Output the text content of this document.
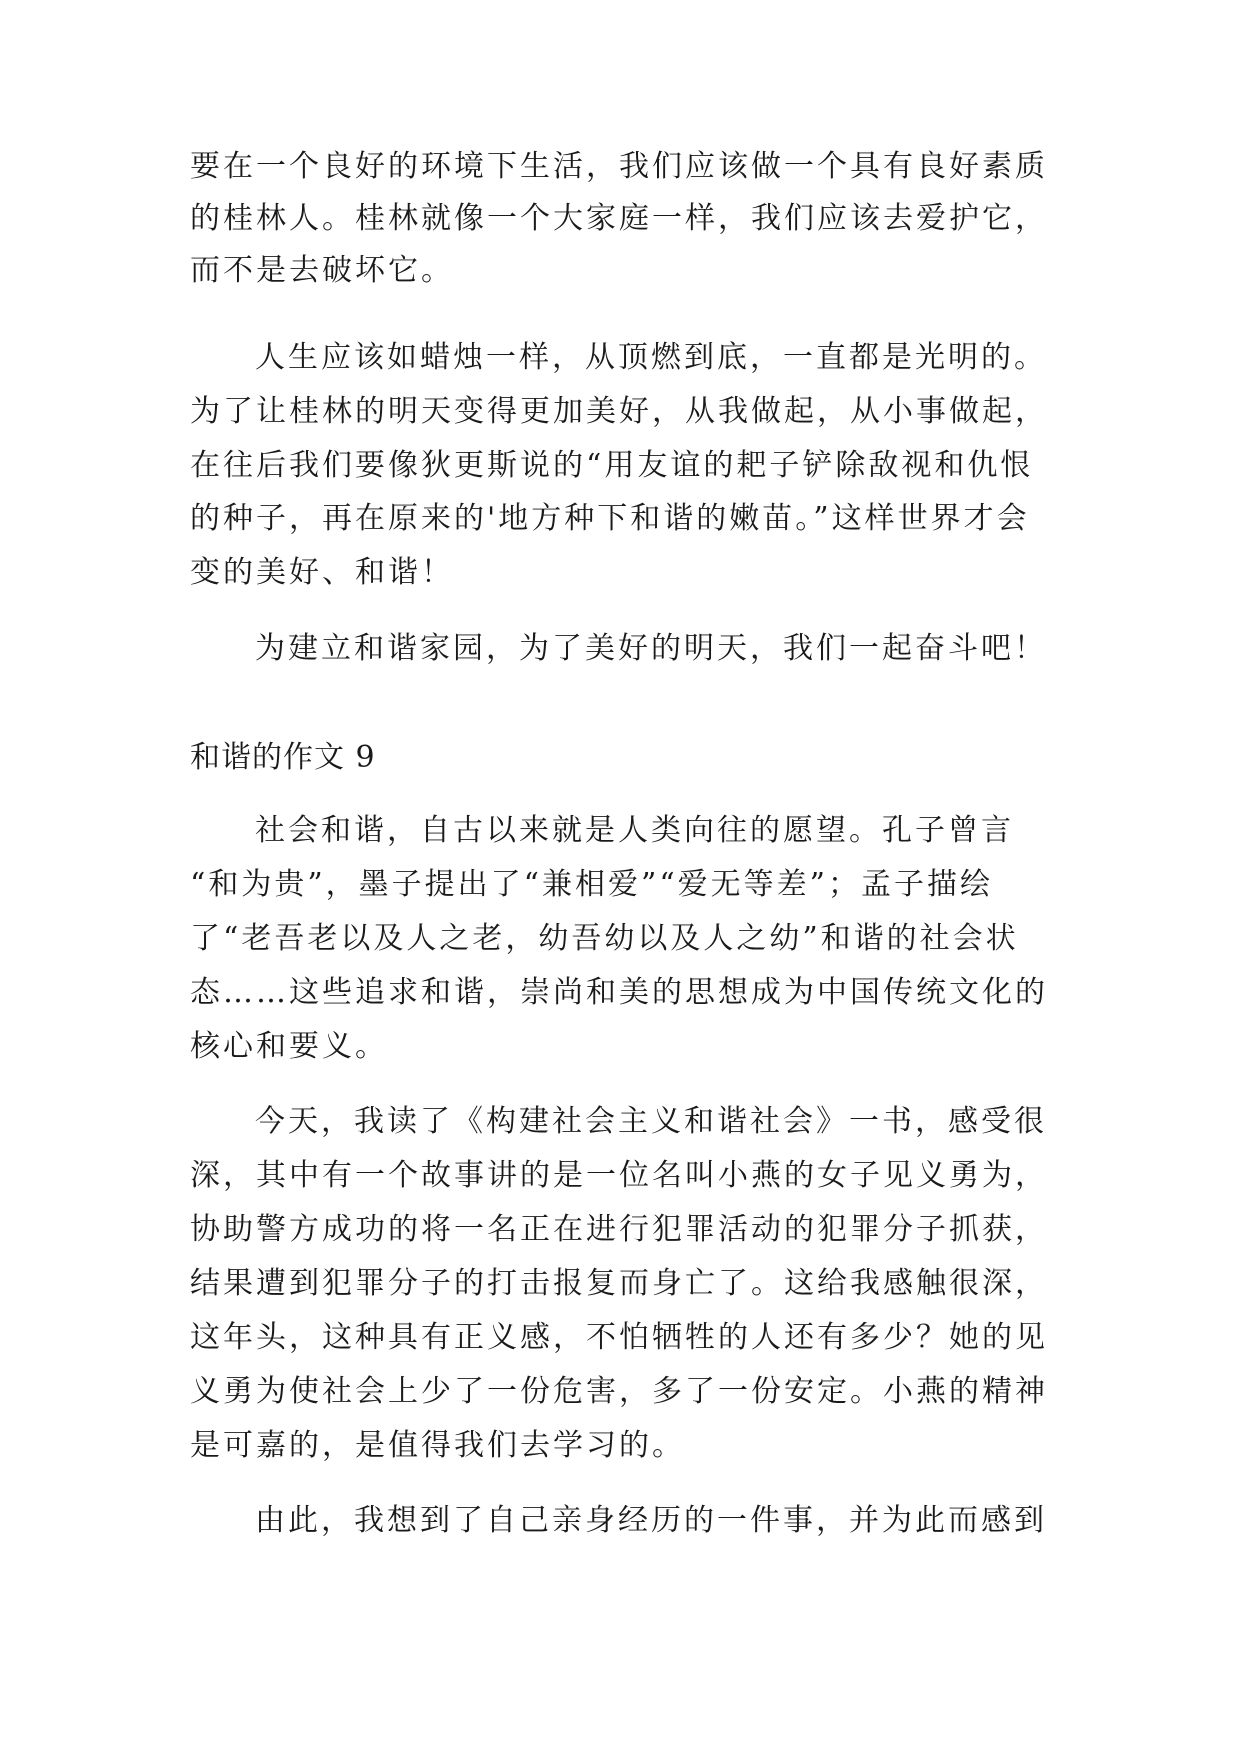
要在一个良好的环境下生活，我们应该做一个具有良好素质

的桂林人。桂林就像一个大家庭一样，我们应该去爱护它，

而不是去破坏它。

人生应该如蜡烛一样，从顶燃到底，一直都是光明的。

为了让桂林的明天变得更加美好，从我做起，从小事做起，

在往后我们要像狄更斯说的“用友谊的耙子铲除敌视和仇恨

的种子，再在原来的'地方种下和谐的嫩苗。”这样世界才会

变的美好、和谐！

为建立和谐家园，为了美好的明天，我们一起奋斗吧！

和谐的作文 9

社会和谐，自古以来就是人类向往的愿望。孔子曾言

“和为贵”，墨子提出了“兼相爱”“爱无等差”；孟子描绘

了“老吾老以及人之老，幼吾幼以及人之幼”和谐的社会状

态……这些追求和谐，崇尚和美的思想成为中国传统文化的

核心和要义。

今天，我读了《构建社会主义和谐社会》一书，感受很

深，其中有一个故事讲的是一位名叫小燕的女子见义勇为，

协助警方成功的将一名正在进行犯罪活动的犯罪分子抓获，

结果遭到犯罪分子的打击报复而身亡了。这给我感触很深，

这年头，这种具有正义感，不怕牺牲的人还有多少？她的见

义勇为使社会上少了一份危害，多了一份安定。小燕的精神

是可嘉的，是值得我们去学习的。

由此，我想到了自己亲身经历的一件事，并为此而感到
